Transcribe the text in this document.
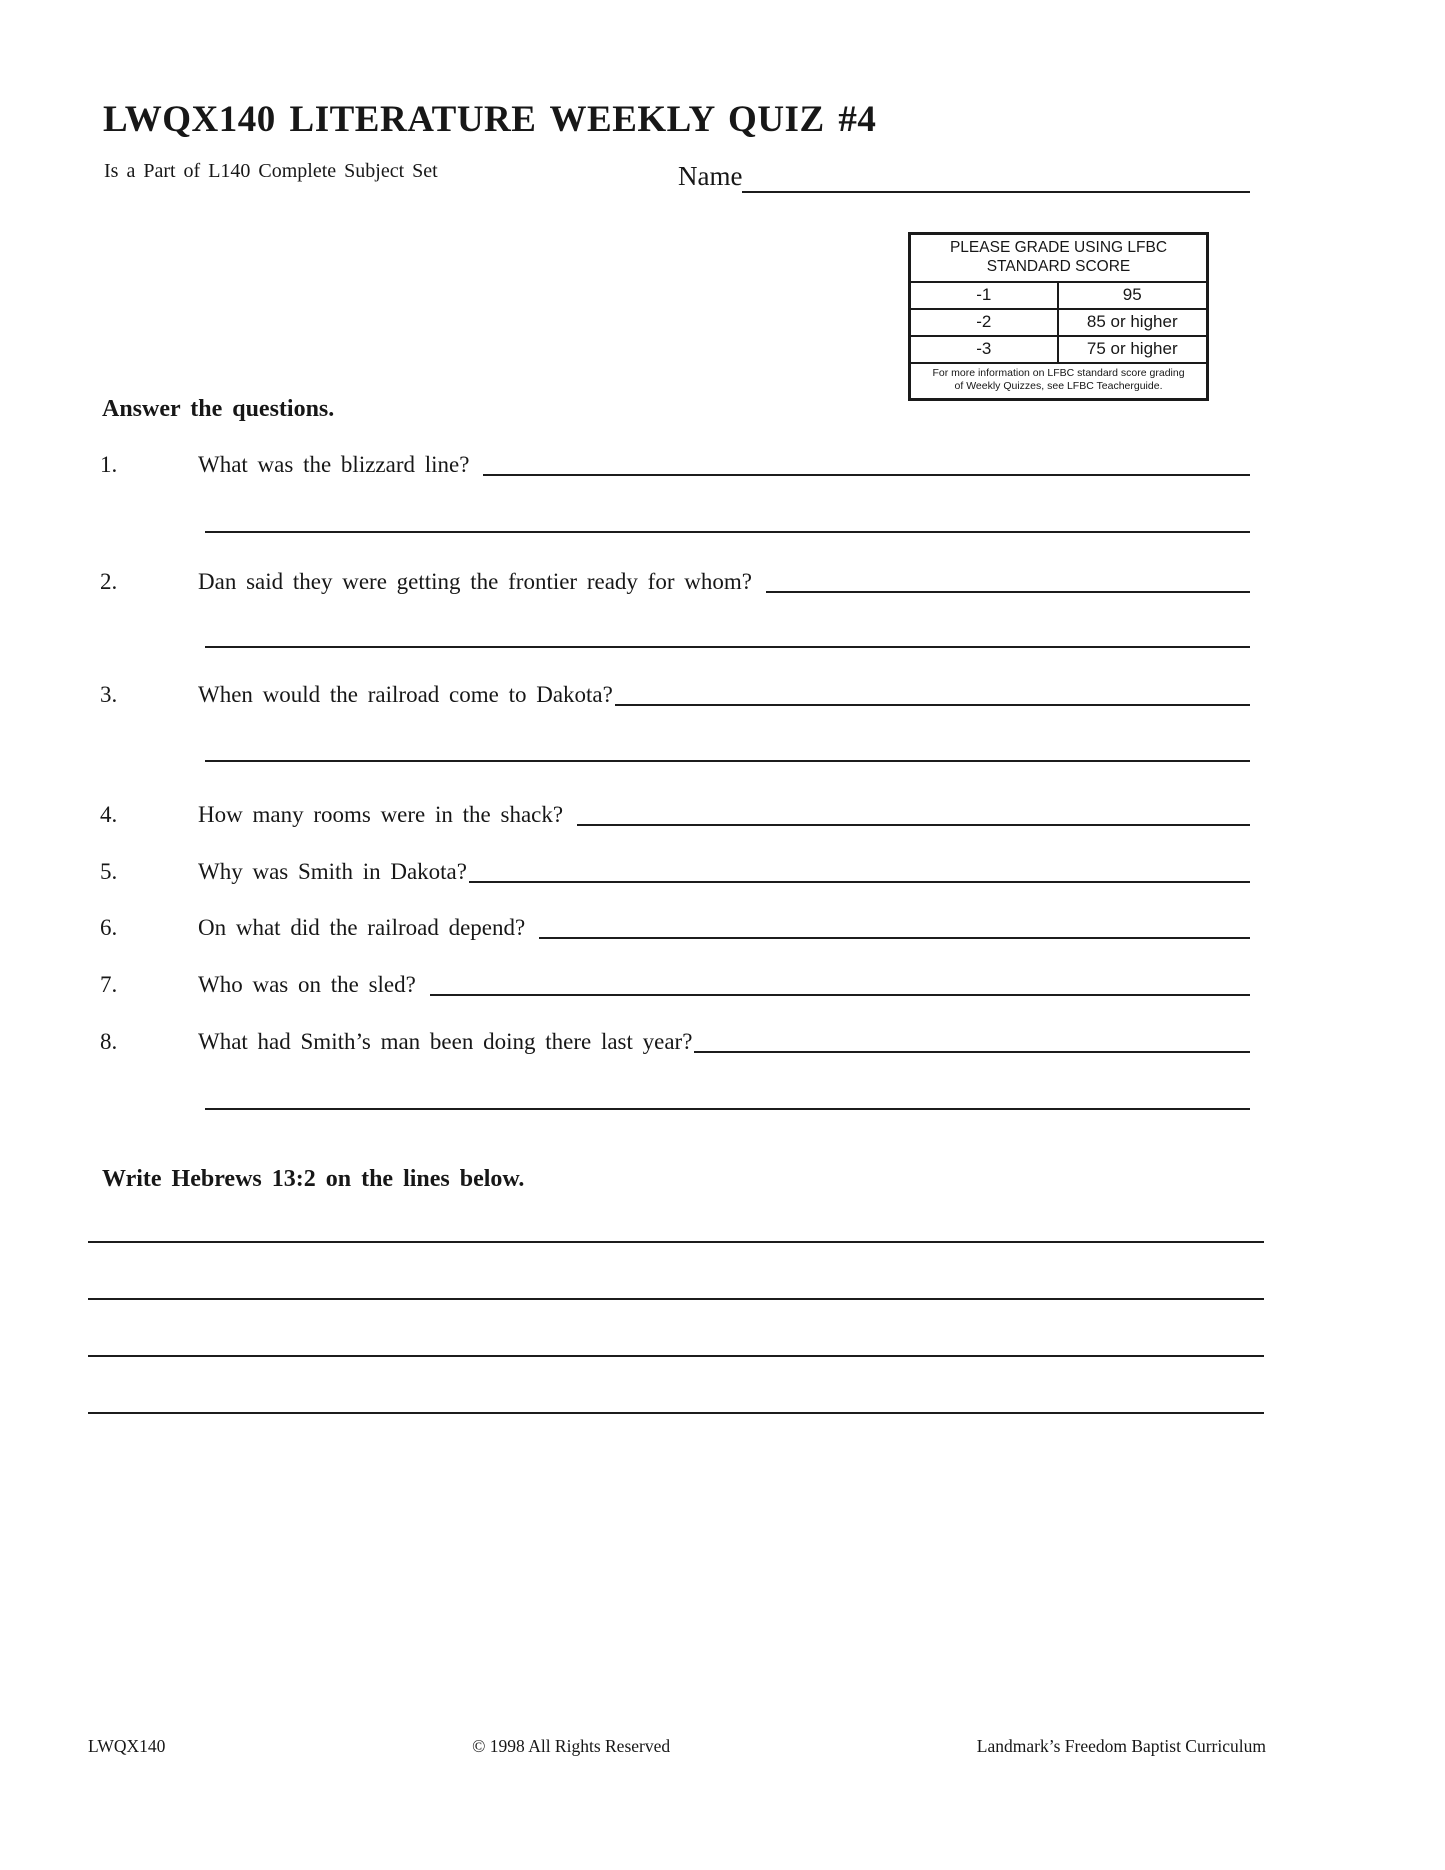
LWQX140 LITERATURE WEEKLY QUIZ #4
Is a Part of L140 Complete Subject Set	Name
PLEASE GRADE USING LFBC
STANDARD SCORE
-1	95
-2	85 or higher
-3	75 or higher
For more information on LFBC standard score grading
of Weekly Quizzes, see LFBC Teacherguide.
Answer the questions.
1.	What was the blizzard line?
2.	Dan said they were getting the frontier ready for whom?
3.	When would the railroad come to Dakota?
4.	How many rooms were in the shack?
5.	Why was Smith in Dakota?
6.	On what did the railroad depend?
7.	Who was on the sled?
8.	What had Smith’s man been doing there last year?
Write Hebrews 13:2 on the lines below.
LWQX140	© 1998 All Rights Reserved	Landmark’s Freedom Baptist Curriculum
